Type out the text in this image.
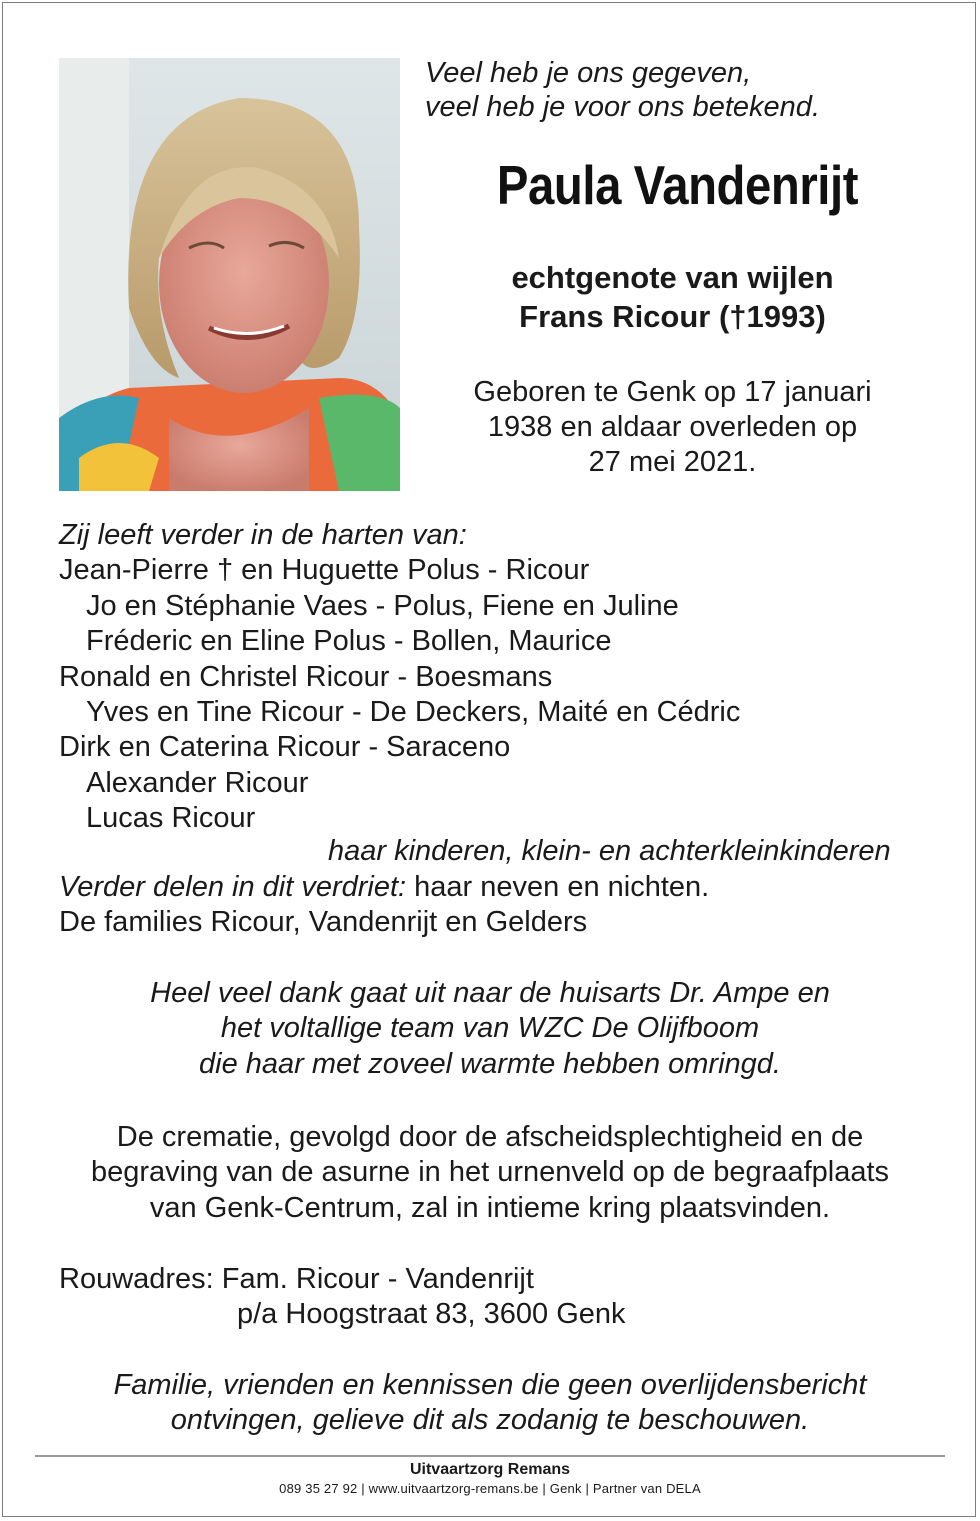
Veel heb je ons gegeven,
veel heb je voor ons betekend.
Paula Vandenrijt
echtgenote van wijlen
Frans Ricour (†1993)
Geboren te Genk op 17 januari
1938 en aldaar overleden op
27 mei 2021.
Zij leeft verder in de harten van:
Jean-Pierre † en Huguette Polus - Ricour
Jo en Stéphanie Vaes - Polus, Fiene en Juline
Fréderic en Eline Polus - Bollen, Maurice
Ronald en Christel Ricour - Boesmans
Yves en Tine Ricour - De Deckers, Maité en Cédric
Dirk en Caterina Ricour - Saraceno
Alexander Ricour
Lucas Ricour
haar kinderen, klein- en achterkleinkinderen
Verder delen in dit verdriet: haar neven en nichten.
De families Ricour, Vandenrijt en Gelders
Heel veel dank gaat uit naar de huisarts Dr. Ampe en
het voltallige team van WZC De Olijfboom
die haar met zoveel warmte hebben omringd.
De crematie, gevolgd door de afscheidsplechtigheid en de
begraving van de asurne in het urnenveld op de begraafplaats
van Genk-Centrum, zal in intieme kring plaatsvinden.
Rouwadres: Fam. Ricour - Vandenrijt
p/a Hoogstraat 83, 3600 Genk
Familie, vrienden en kennissen die geen overlijdensbericht
ontvingen, gelieve dit als zodanig te beschouwen.
Uitvaartzorg Remans
089 35 27 92 | www.uitvaartzorg-remans.be | Genk | Partner van DELA
